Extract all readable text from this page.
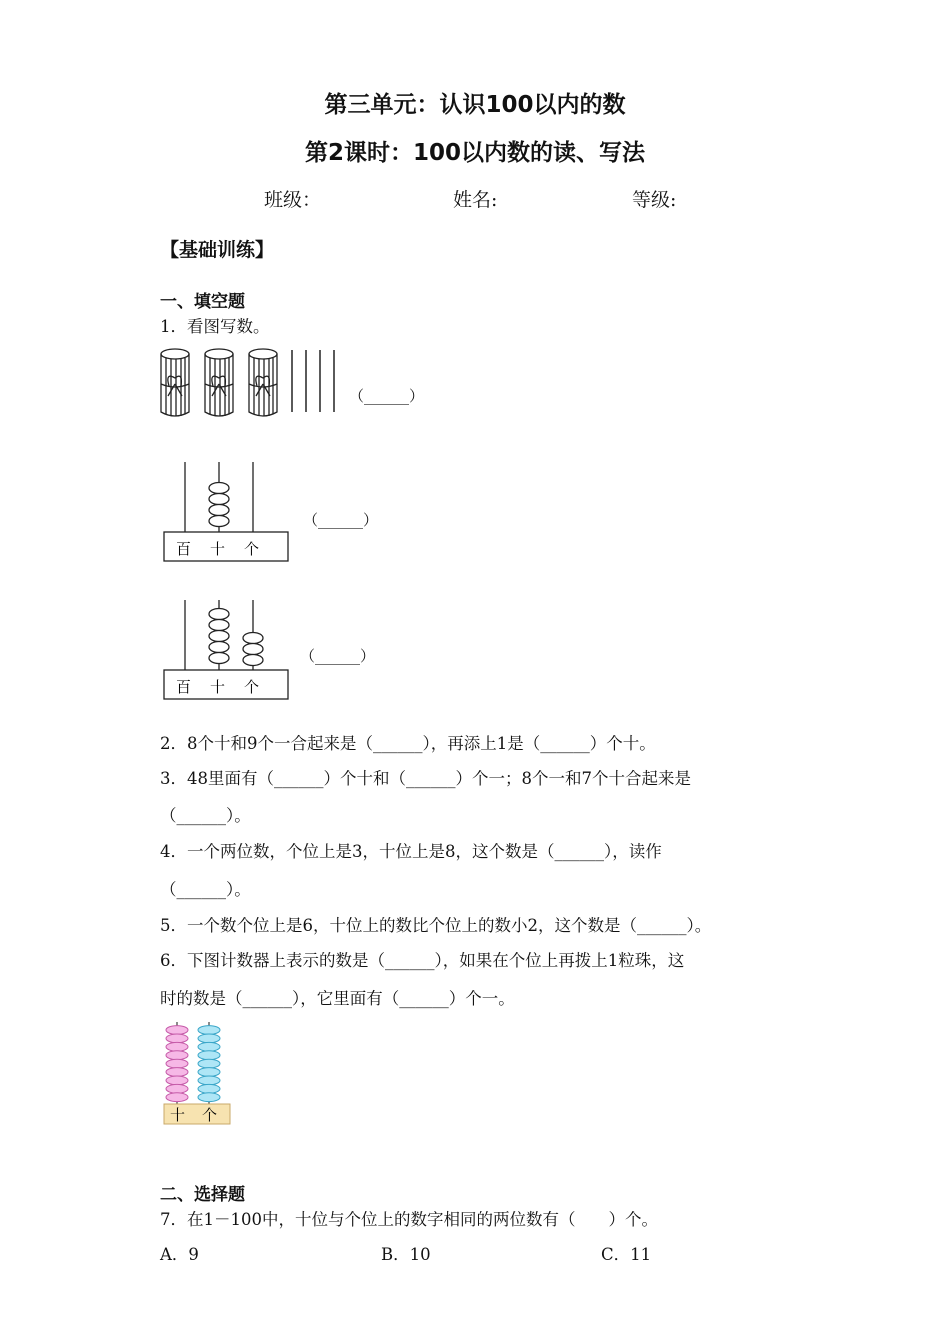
第三单元：认识100以内的数
第2课时：100以内数的读、写法
班级：	姓名:	等级:
【基础训练】
一、填空题
1．看图写数。
（______）
百 十 个
（______）
百 十 个
（______）
2．8个十和9个一合起来是（______），再添上1是（______）个十。
3．48里面有（______）个十和（______）个一；8个一和7个十合起来是
（______）。
4．一个两位数，个位上是3，十位上是8，这个数是（______），读作
（______）。
5．一个数个位上是6，十位上的数比个位上的数小2，这个数是（______）。
6．下图计数器上表示的数是（______），如果在个位上再拨上1粒珠，这
时的数是（______），它里面有（______）个一。
十 个
二、选择题
7．在1－100中，十位与个位上的数字相同的两位数有（　　）个。
A．9	B．10	C．11
